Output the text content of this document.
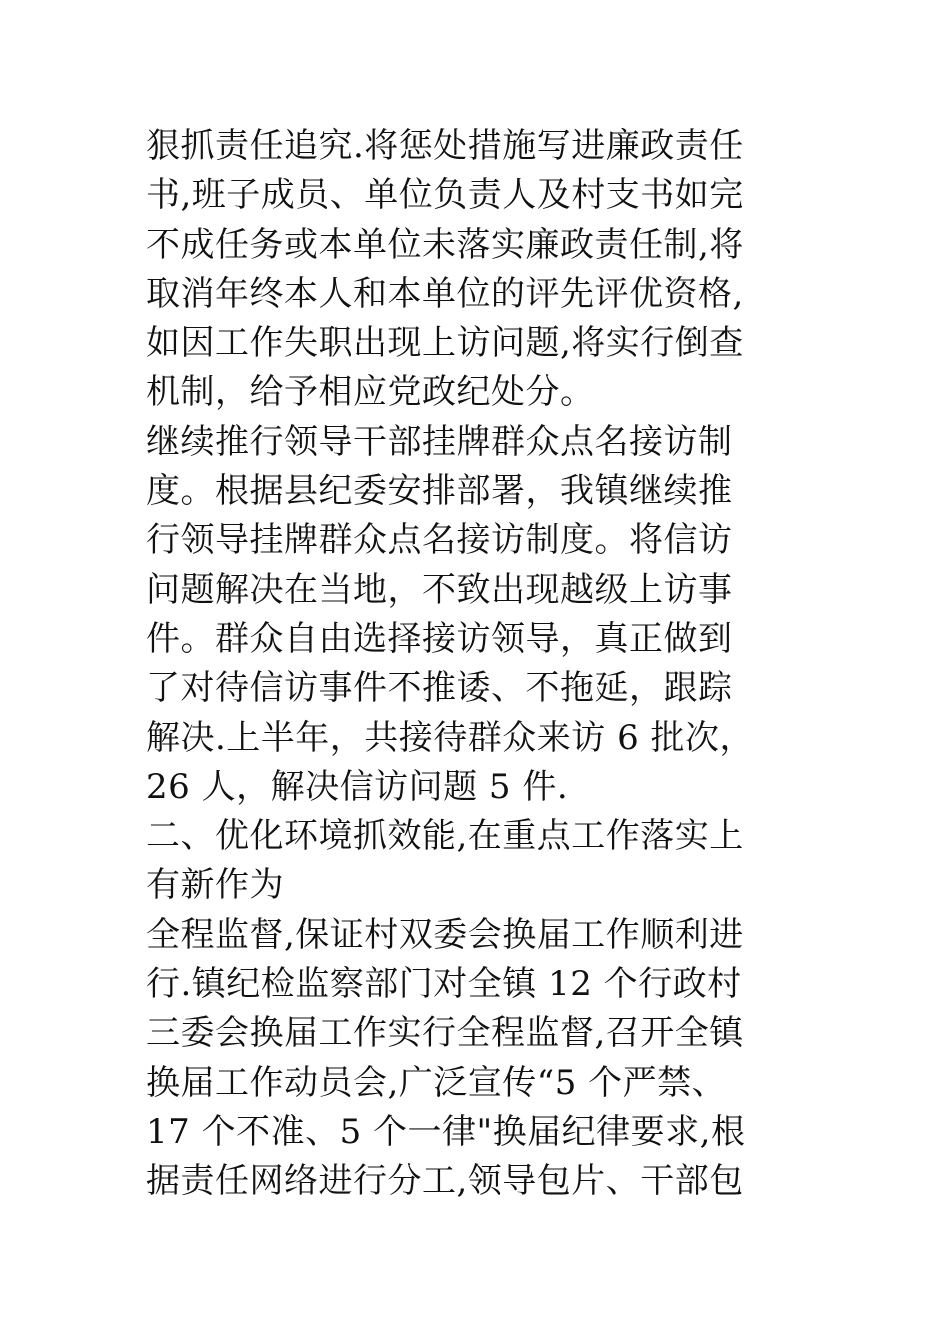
狠抓责任追究.将惩处措施写进廉政责任
书,班子成员、单位负责人及村支书如完
不成任务或本单位未落实廉政责任制,将
取消年终本人和本单位的评先评优资格,
如因工作失职出现上访问题,将实行倒查
机制，给予相应党政纪处分。
继续推行领导干部挂牌群众点名接访制
度。根据县纪委安排部署，我镇继续推
行领导挂牌群众点名接访制度。将信访
问题解决在当地，不致出现越级上访事
件。群众自由选择接访领导，真正做到
了对待信访事件不推诿、不拖延，跟踪
解决.上半年，共接待群众来访 6 批次，
26 人，解决信访问题 5 件.
二、优化环境抓效能,在重点工作落实上
有新作为
全程监督,保证村双委会换届工作顺利进
行.镇纪检监察部门对全镇 12 个行政村
三委会换届工作实行全程监督,召开全镇
换届工作动员会,广泛宣传“5 个严禁、
17 个不准、5 个一律"换届纪律要求,根
据责任网络进行分工,领导包片、干部包
